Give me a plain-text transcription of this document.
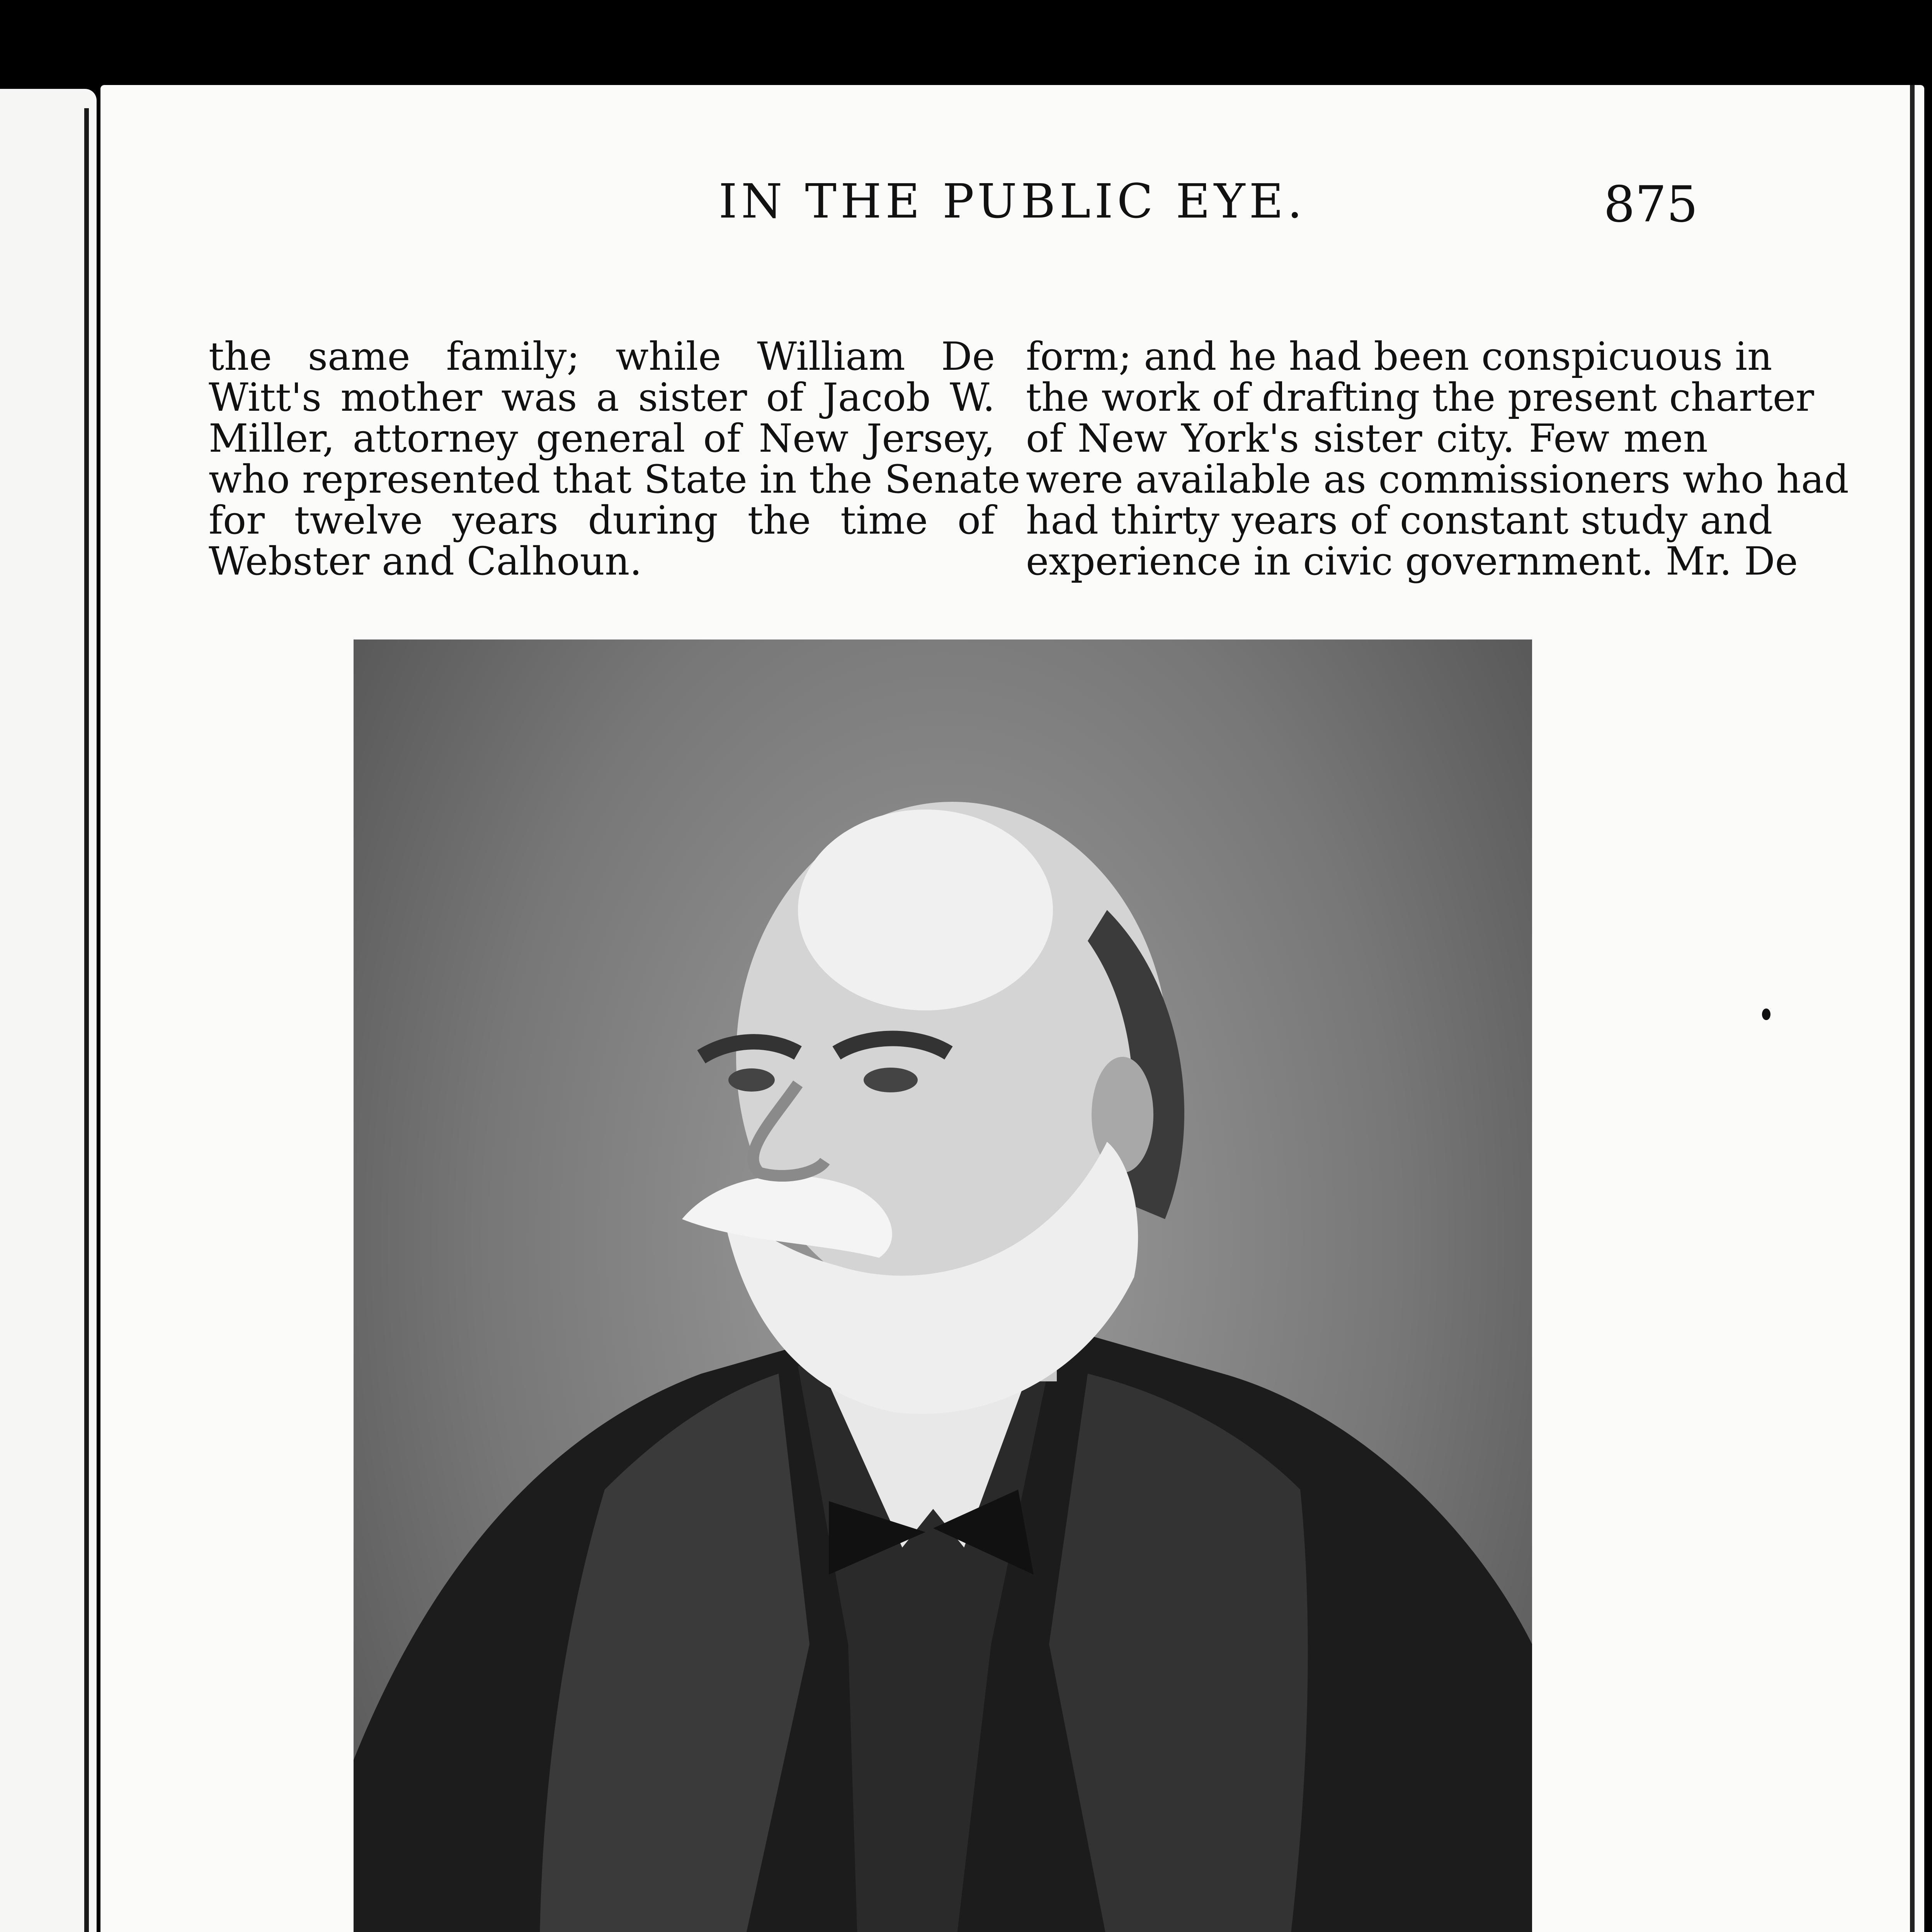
IN THE PUBLIC EYE.	875
the same family; while William De
Witt's mother was a sister of Jacob W.
Miller, attorney general of New Jersey,
who represented that State in the Senate
for twelve years during the time of
Webster and Calhoun.
form; and he had been conspicuous in
the work of drafting the present charter
of New York's sister city. Few men
were available as commissioners who had
had thirty years of constant study and
experience in civic government. Mr. De
